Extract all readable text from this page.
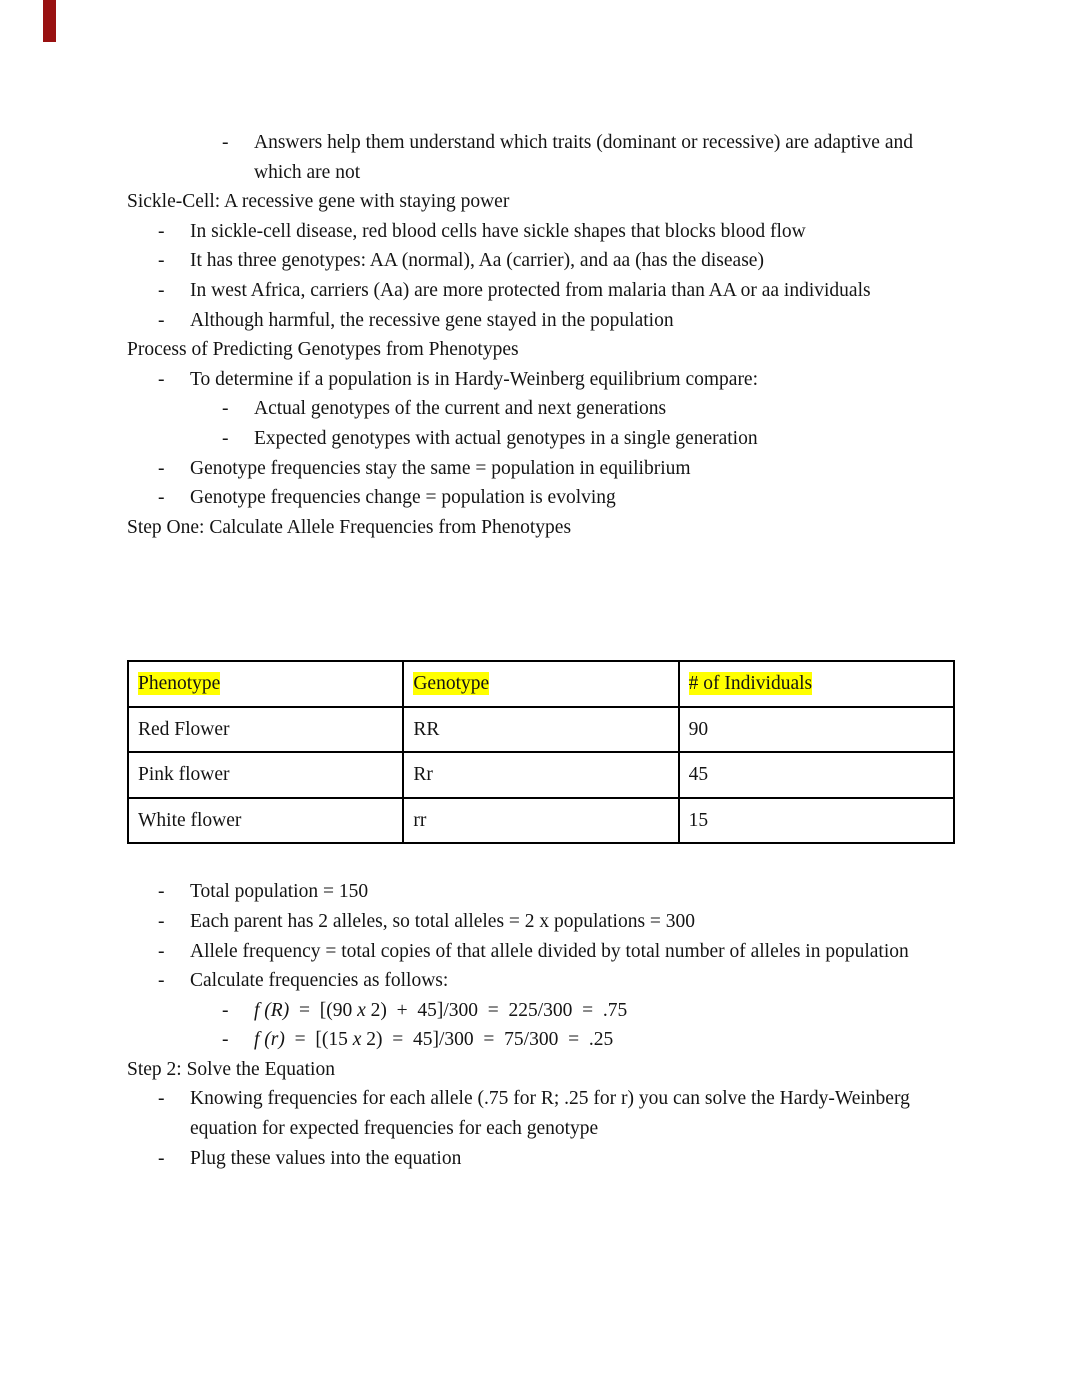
- Answers help them understand which traits (dominant or recessive) are adaptive and which are not

Sickle-Cell: A recessive gene with staying power

- In sickle-cell disease, red blood cells have sickle shapes that blocks blood flow

- It has three genotypes: AA (normal), Aa (carrier), and aa (has the disease)

- In west Africa, carriers (Aa) are more protected from malaria than AA or aa individuals

- Although harmful, the recessive gene stayed in the population

Process of Predicting Genotypes from Phenotypes

- To determine if a population is in Hardy-Weinberg equilibrium compare:

- Actual genotypes of the current and next generations

- Expected genotypes with actual genotypes in a single generation

- Genotype frequencies stay the same = population in equilibrium

- Genotype frequencies change = population is evolving

Step One: Calculate Allele Frequencies from Phenotypes

Phenotype	Genotype	# of Individuals
Red Flower	RR	90
Pink flower	Rr	45
White flower	rr	15

- Total population = 150

- Each parent has 2 alleles, so total alleles = 2 x populations = 300

- Allele frequency = total copies of that allele divided by total number of alleles in population

- Calculate frequencies as follows:

- f (R)  =  [(90 x 2)  +  45]/300  =  225/300  =  .75

- f (r)  =  [(15 x 2)  =  45]/300  =  75/300  =  .25

Step 2: Solve the Equation

- Knowing frequencies for each allele (.75 for R; .25 for r) you can solve the Hardy-Weinberg equation for expected frequencies for each genotype

- Plug these values into the equation
